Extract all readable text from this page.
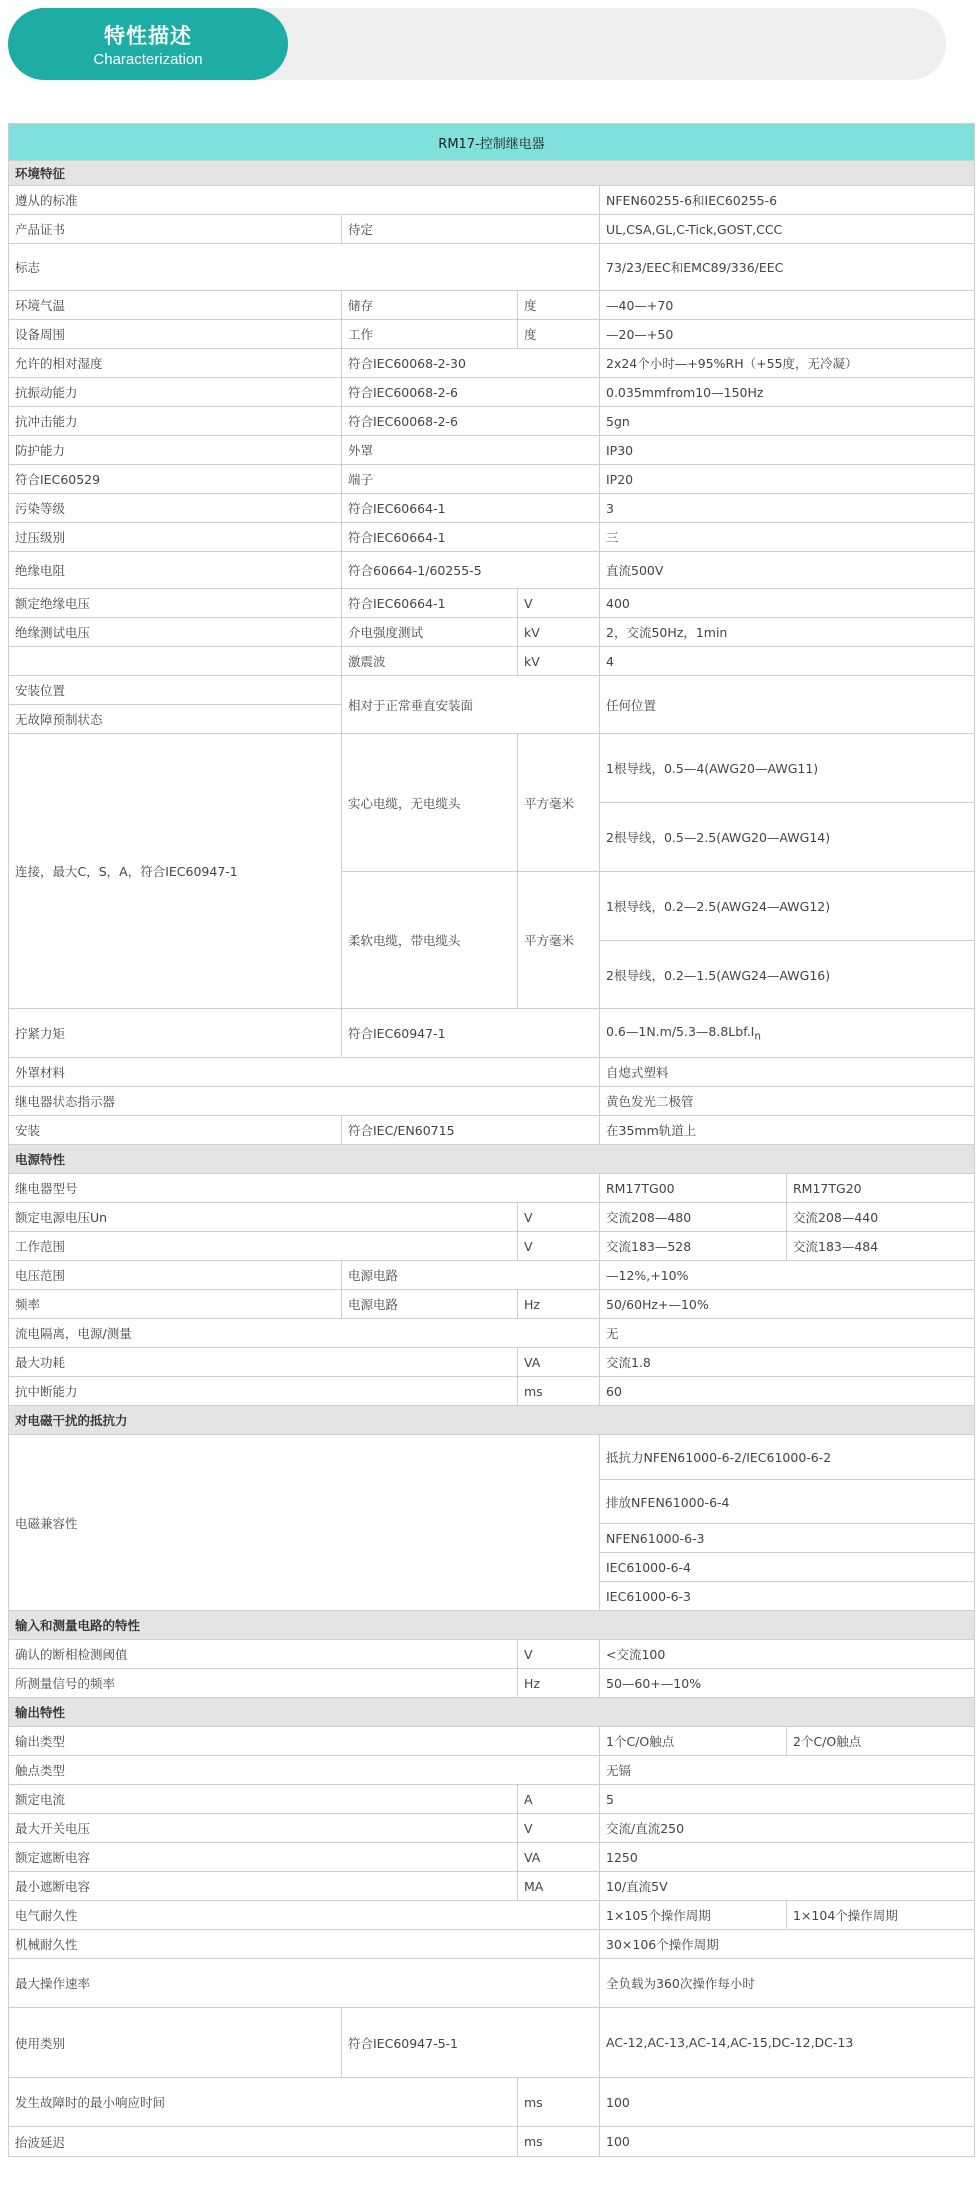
特性描述
Characterization
RM17-控制继电器				
环境特征				
遵从的标准			NFEN60255-6和IEC60255-6	
产品证书	待定		UL,CSA,GL,C-Tick,GOST,CCC	
标志			73/23/EEC和EMC89/336/EEC	
环境气温	储存	度	—40—+70	
设备周围	工作	度	—20—+50	
允许的相对湿度	符合IEC60068-2-30		2x24个小时—+95%RH（+55度，无冷凝）	
抗振动能力	符合IEC60068-2-6		0.035mmfrom10—150Hz	
抗冲击能力	符合IEC60068-2-6		5gn	
防护能力	外罩		IP30	
符合IEC60529	端子		IP20	
污染等级	符合IEC60664-1		3	
过压级别	符合IEC60664-1		三	
绝缘电阻	符合60664-1/60255-5		直流500V	
额定绝缘电压	符合IEC60664-1	V	400	
绝缘测试电压	介电强度测试	kV	2，交流50Hz，1min	
	激震波	kV	4	
安装位置	相对于正常垂直安装面		任何位置	
无故障预制状态				
连接，最大C，S，A，符合IEC60947-1	实心电缆，无电缆头	平方毫米	1根导线，0.5—4(AWG20—AWG11)	
			2根导线，0.5—2.5(AWG20—AWG14)	
	柔软电缆，带电缆头	平方毫米	1根导线，0.2—2.5(AWG24—AWG12)	
			2根导线，0.2—1.5(AWG24—AWG16)	
拧紧力矩	符合IEC60947-1		$0.6—1N.m/5.3—8.8Lbf.I_n$
外罩材料			自熄式塑料	
继电器状态指示器			黄色发光二极管	
安装	符合IEC/EN60715		在35mm轨道上	
电源特性				
继电器型号			RM17TG00	RM17TG20
额定电源电压Un		V	交流208—480	交流208—440
工作范围		V	交流183—528	交流183—484
电压范围	电源电路		—12%,+10%	
频率	电源电路	Hz	50/60Hz+—10%	
流电隔离，电源/测量			无	
最大功耗		VA	交流1.8	
抗中断能力		ms	60	
对电磁干扰的抵抗力				
电磁兼容性			抵抗力NFEN61000-6-2/IEC61000-6-2	
			排放NFEN61000-6-4	
			NFEN61000-6-3	
			IEC61000-6-4	
			IEC61000-6-3	
输入和测量电路的特性				
确认的断相检测阈值		V	<交流100	
所测量信号的频率		Hz	50—60+—10%	
输出特性				
输出类型			1个C/O触点	2个C/O触点
触点类型			无镉	
额定电流		A	5	
最大开关电压		V	交流/直流250	
额定遮断电容		VA	1250	
最小遮断电容		MA	10/直流5V	
电气耐久性			1×105个操作周期	1×104个操作周期
机械耐久性			30×106个操作周期	
最大操作速率			全负载为360次操作每小时	
使用类别	符合IEC60947-5-1		AC-12,AC-13,AC-14,AC-15,DC-12,DC-13	
发生故障时的最小响应时间		ms	100	
抬波延迟		ms	100	
